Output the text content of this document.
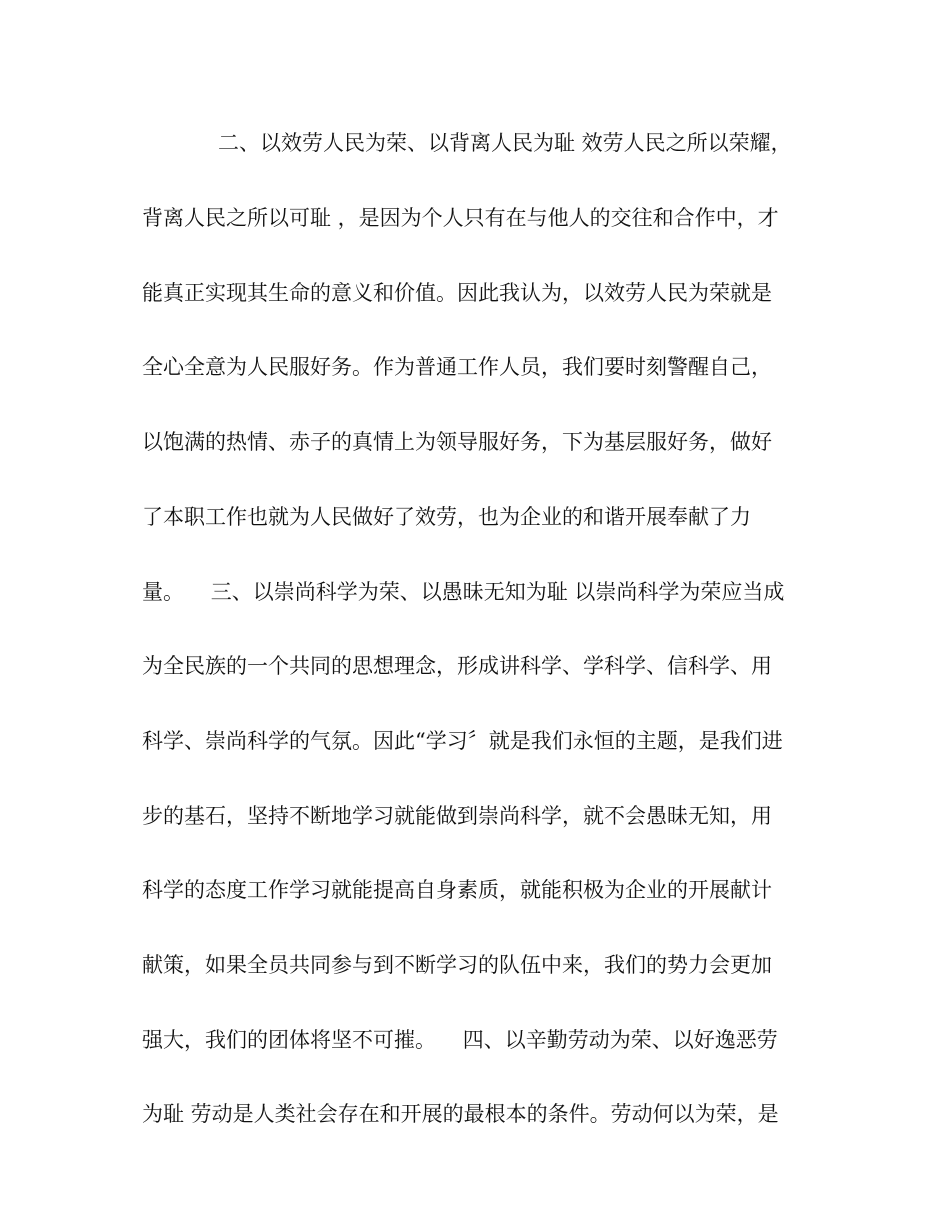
二、以效劳人民为荣、以背离人民为耻 效劳人民之所以荣耀，
背离人民之所以可耻 ，是因为个人只有在与他人的交往和合作中，才
能真正实现其生命的意义和价值。因此我认为，以效劳人民为荣就是
全心全意为人民服好务。作为普通工作人员，我们要时刻警醒自己，
以饱满的热情、赤子的真情上为领导服好务，下为基层服好务，做好
了本职工作也就为人民做好了效劳，也为企业的和谐开展奉献了力
量。    三、以崇尚科学为荣、以愚昧无知为耻 以崇尚科学为荣应当成
为全民族的一个共同的思想理念，形成讲科学、学科学、信科学、用
科学、崇尚科学的气氛。因此“学习〞就是我们永恒的主题，是我们进
步的基石，坚持不断地学习就能做到崇尚科学，就不会愚昧无知，用
科学的态度工作学习就能提高自身素质，就能积极为企业的开展献计
献策，如果全员共同参与到不断学习的队伍中来，我们的势力会更加
强大，我们的团体将坚不可摧。    四、以辛勤劳动为荣、以好逸恶劳
为耻 劳动是人类社会存在和开展的最根本的条件。劳动何以为荣，是
